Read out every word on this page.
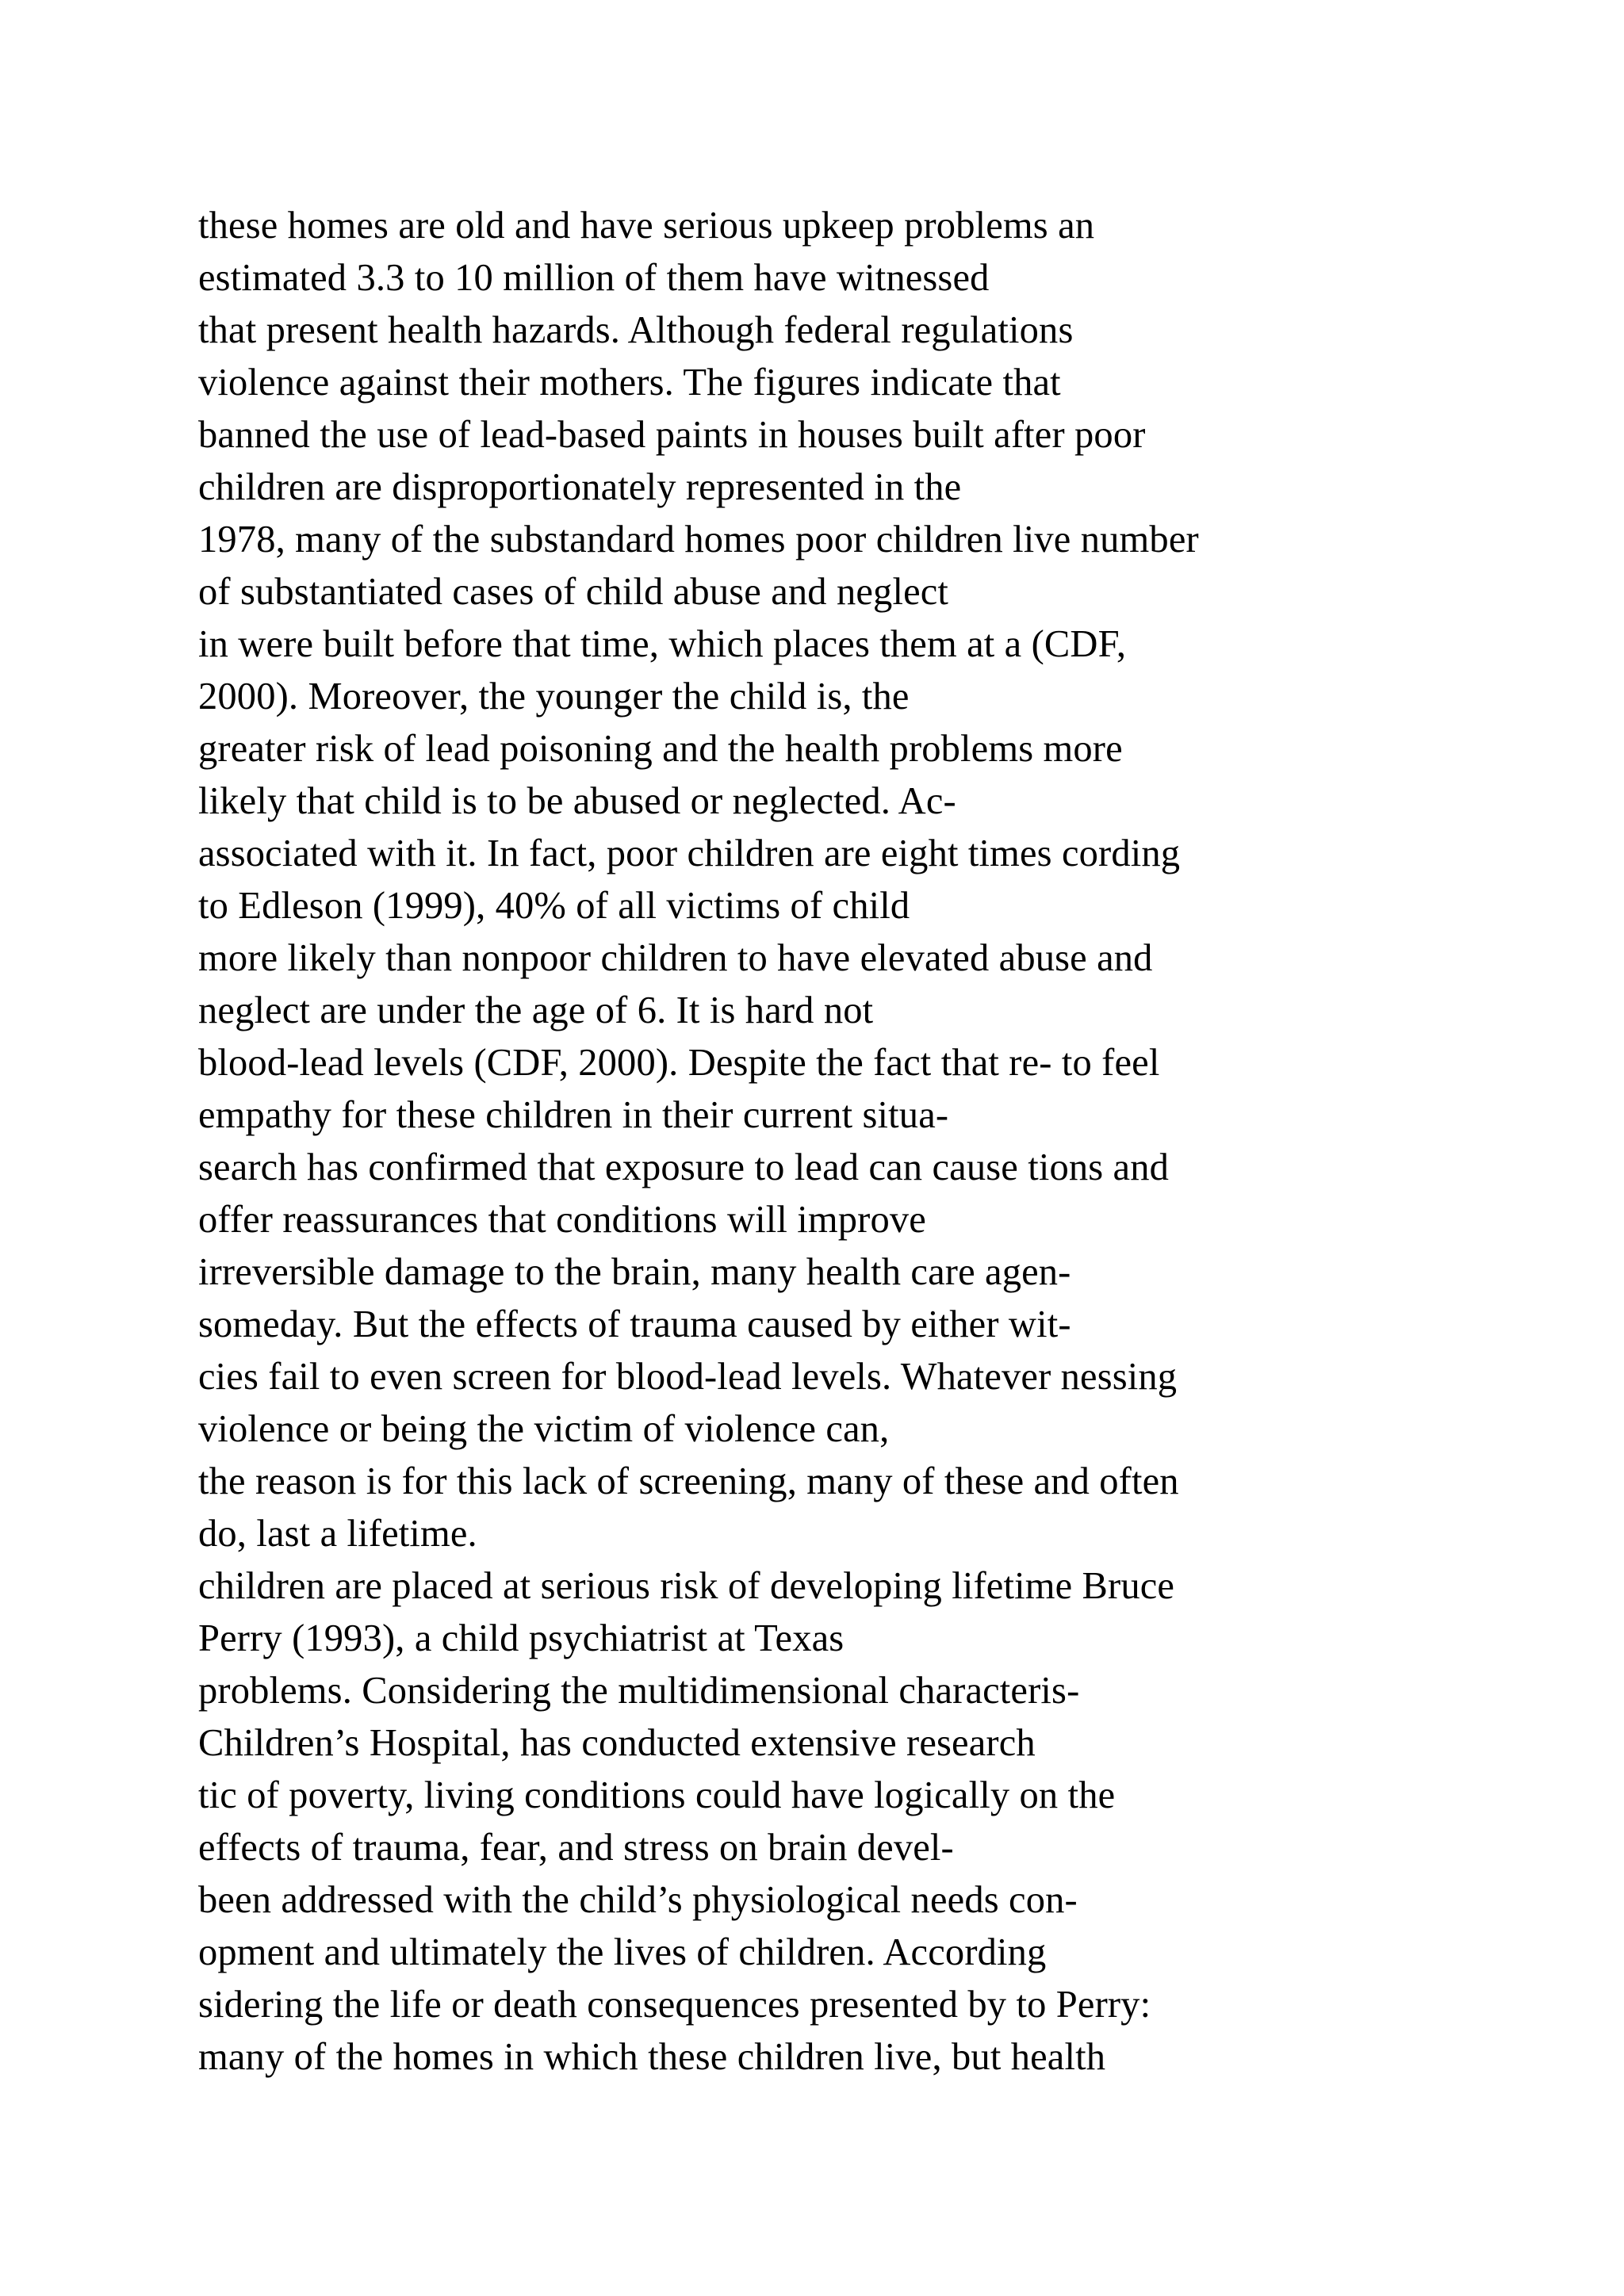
these homes are old and have serious upkeep problems an
estimated 3.3 to 10 million of them have witnessed
that present health hazards. Although federal regulations
violence against their mothers. The figures indicate that
banned the use of lead-based paints in houses built after poor
children are disproportionately represented in the
1978, many of the substandard homes poor children live number
of substantiated cases of child abuse and neglect
in were built before that time, which places them at a (CDF,
2000). Moreover, the younger the child is, the
greater risk of lead poisoning and the health problems more
likely that child is to be abused or neglected. Ac-
associated with it. In fact, poor children are eight times cording
to Edleson (1999), 40% of all victims of child
more likely than nonpoor children to have elevated abuse and
neglect are under the age of 6. It is hard not
blood-lead levels (CDF, 2000). Despite the fact that re- to feel
empathy for these children in their current situa-
search has confirmed that exposure to lead can cause tions and
offer reassurances that conditions will improve
irreversible damage to the brain, many health care agen-
someday. But the effects of trauma caused by either wit-
cies fail to even screen for blood-lead levels. Whatever nessing
violence or being the victim of violence can,
the reason is for this lack of screening, many of these and often
do, last a lifetime.
children are placed at serious risk of developing lifetime Bruce
Perry (1993), a child psychiatrist at Texas
problems. Considering the multidimensional characteris-
Children’s Hospital, has conducted extensive research
tic of poverty, living conditions could have logically on the
effects of trauma, fear, and stress on brain devel-
been addressed with the child’s physiological needs con-
opment and ultimately the lives of children. According
sidering the life or death consequences presented by to Perry:
many of the homes in which these children live, but health
